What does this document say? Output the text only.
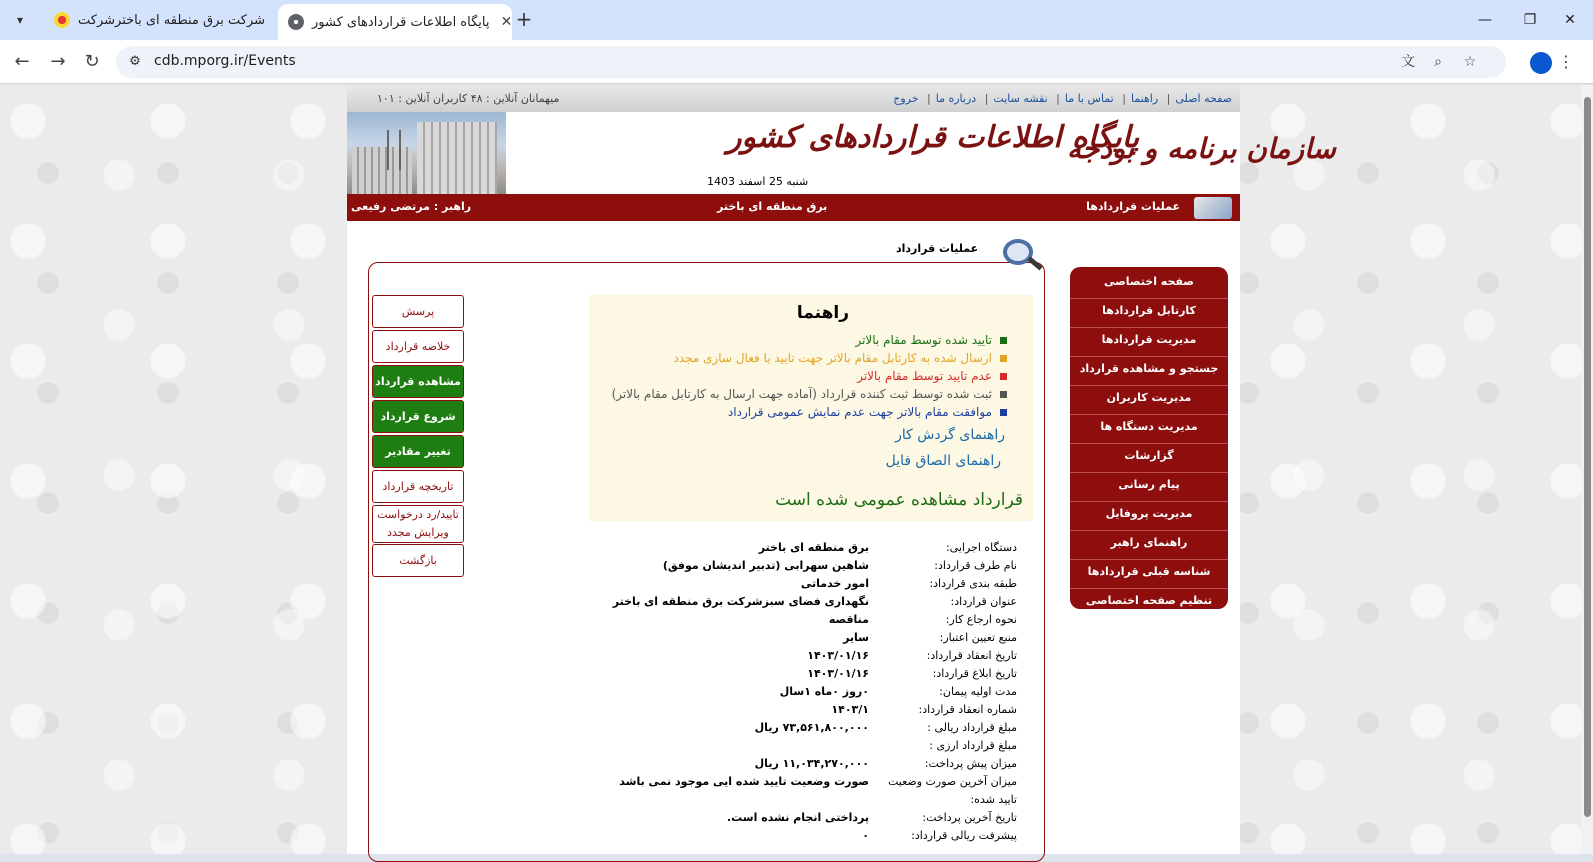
▾	شرکت برق منطقه ای باخترشرکت	پایگاه اطلاعات قراردادهای کشور ✕ +	—	❐	✕
←	→	↻	⚙ cdb.mporg.ir/Events	文	⌕	☆	⋮
صفحه اصلی| راهنما| تماس با ما| نقشه سایت| درباره ما| خروج
میهمانان آنلاین : ۴۸ کاربران آنلاین : ۱۰۱
پایگاه اطلاعات قراردادهای کشور
سازمان برنامه و بودجه
شنبه 25 اسفند 1403
عملیات قراردادها
برق منطقه ای باختر
راهبر : مرتضی رفیعی
صفحه اختصاصی
کارتابل قراردادها
مدیریت قراردادها
جستجو و مشاهده قرارداد
مدیریت کاربران
مدیریت دستگاه ها
گزارشات
پیام رسانی
مدیریت پروفایل
راهنمای راهبر
شناسه قبلی قراردادها
تنظیم صفحه اختصاصی
عملیات قرارداد
پرسش
خلاصه قرارداد
مشاهده قرارداد
شروع قرارداد
تغییر مقادیر
تاریخچه قرارداد
تایید/رد درخواست ویرایش مجدد
بازگشت
راهنما
تایید شده توسط مقام بالاتر
ارسال شده به کارتابل مقام بالاتر جهت تایید یا فعال سازی مجدد
عدم تایید توسط مقام بالاتر
ثبت شده توسط ثبت کننده قرارداد (آماده جهت ارسال به کارتابل مقام بالاتر)
موافقت مقام بالاتر جهت عدم نمایش عمومی قرارداد
راهنمای گردش کار
راهنمای الصاق فایل
قرارداد مشاهده عمومی شده است
دستگاه اجرایی:
برق منطقه ای باختر
نام طرف قرارداد:
شاهین سهرابی (تدبیر اندیشان موفق)
طبقه بندی قرارداد:
امور خدماتی
عنوان قرارداد:
نگهداری فضای سبزشرکت برق منطقه ای باختر
نحوه ارجاع کار:
مناقصه
منبع تعیین اعتبار:
سایر
تاریخ انعقاد قرارداد:
۱۴۰۳/۰۱/۱۶
تاریخ ابلاغ قرارداد:
۱۴۰۳/۰۱/۱۶
مدت اولیه پیمان:
۰روز ۰ماه ۱سال
شماره انعقاد قرارداد:
۱۴۰۳/۱
مبلغ قرارداد ریالی :
۷۳,۵۶۱,۸۰۰,۰۰۰ ریال
مبلغ قرارداد ارزی :
میزان پیش پرداخت:
۱۱,۰۳۴,۲۷۰,۰۰۰ ریال
میزان آخرین صورت وضعیت
صورت وضعیت تایید شده ایی موجود نمی باشد
تایید شده:
تاریخ آخرین پرداخت:
پرداختی انجام نشده است.
پیشرفت ریالی قرارداد:
۰
